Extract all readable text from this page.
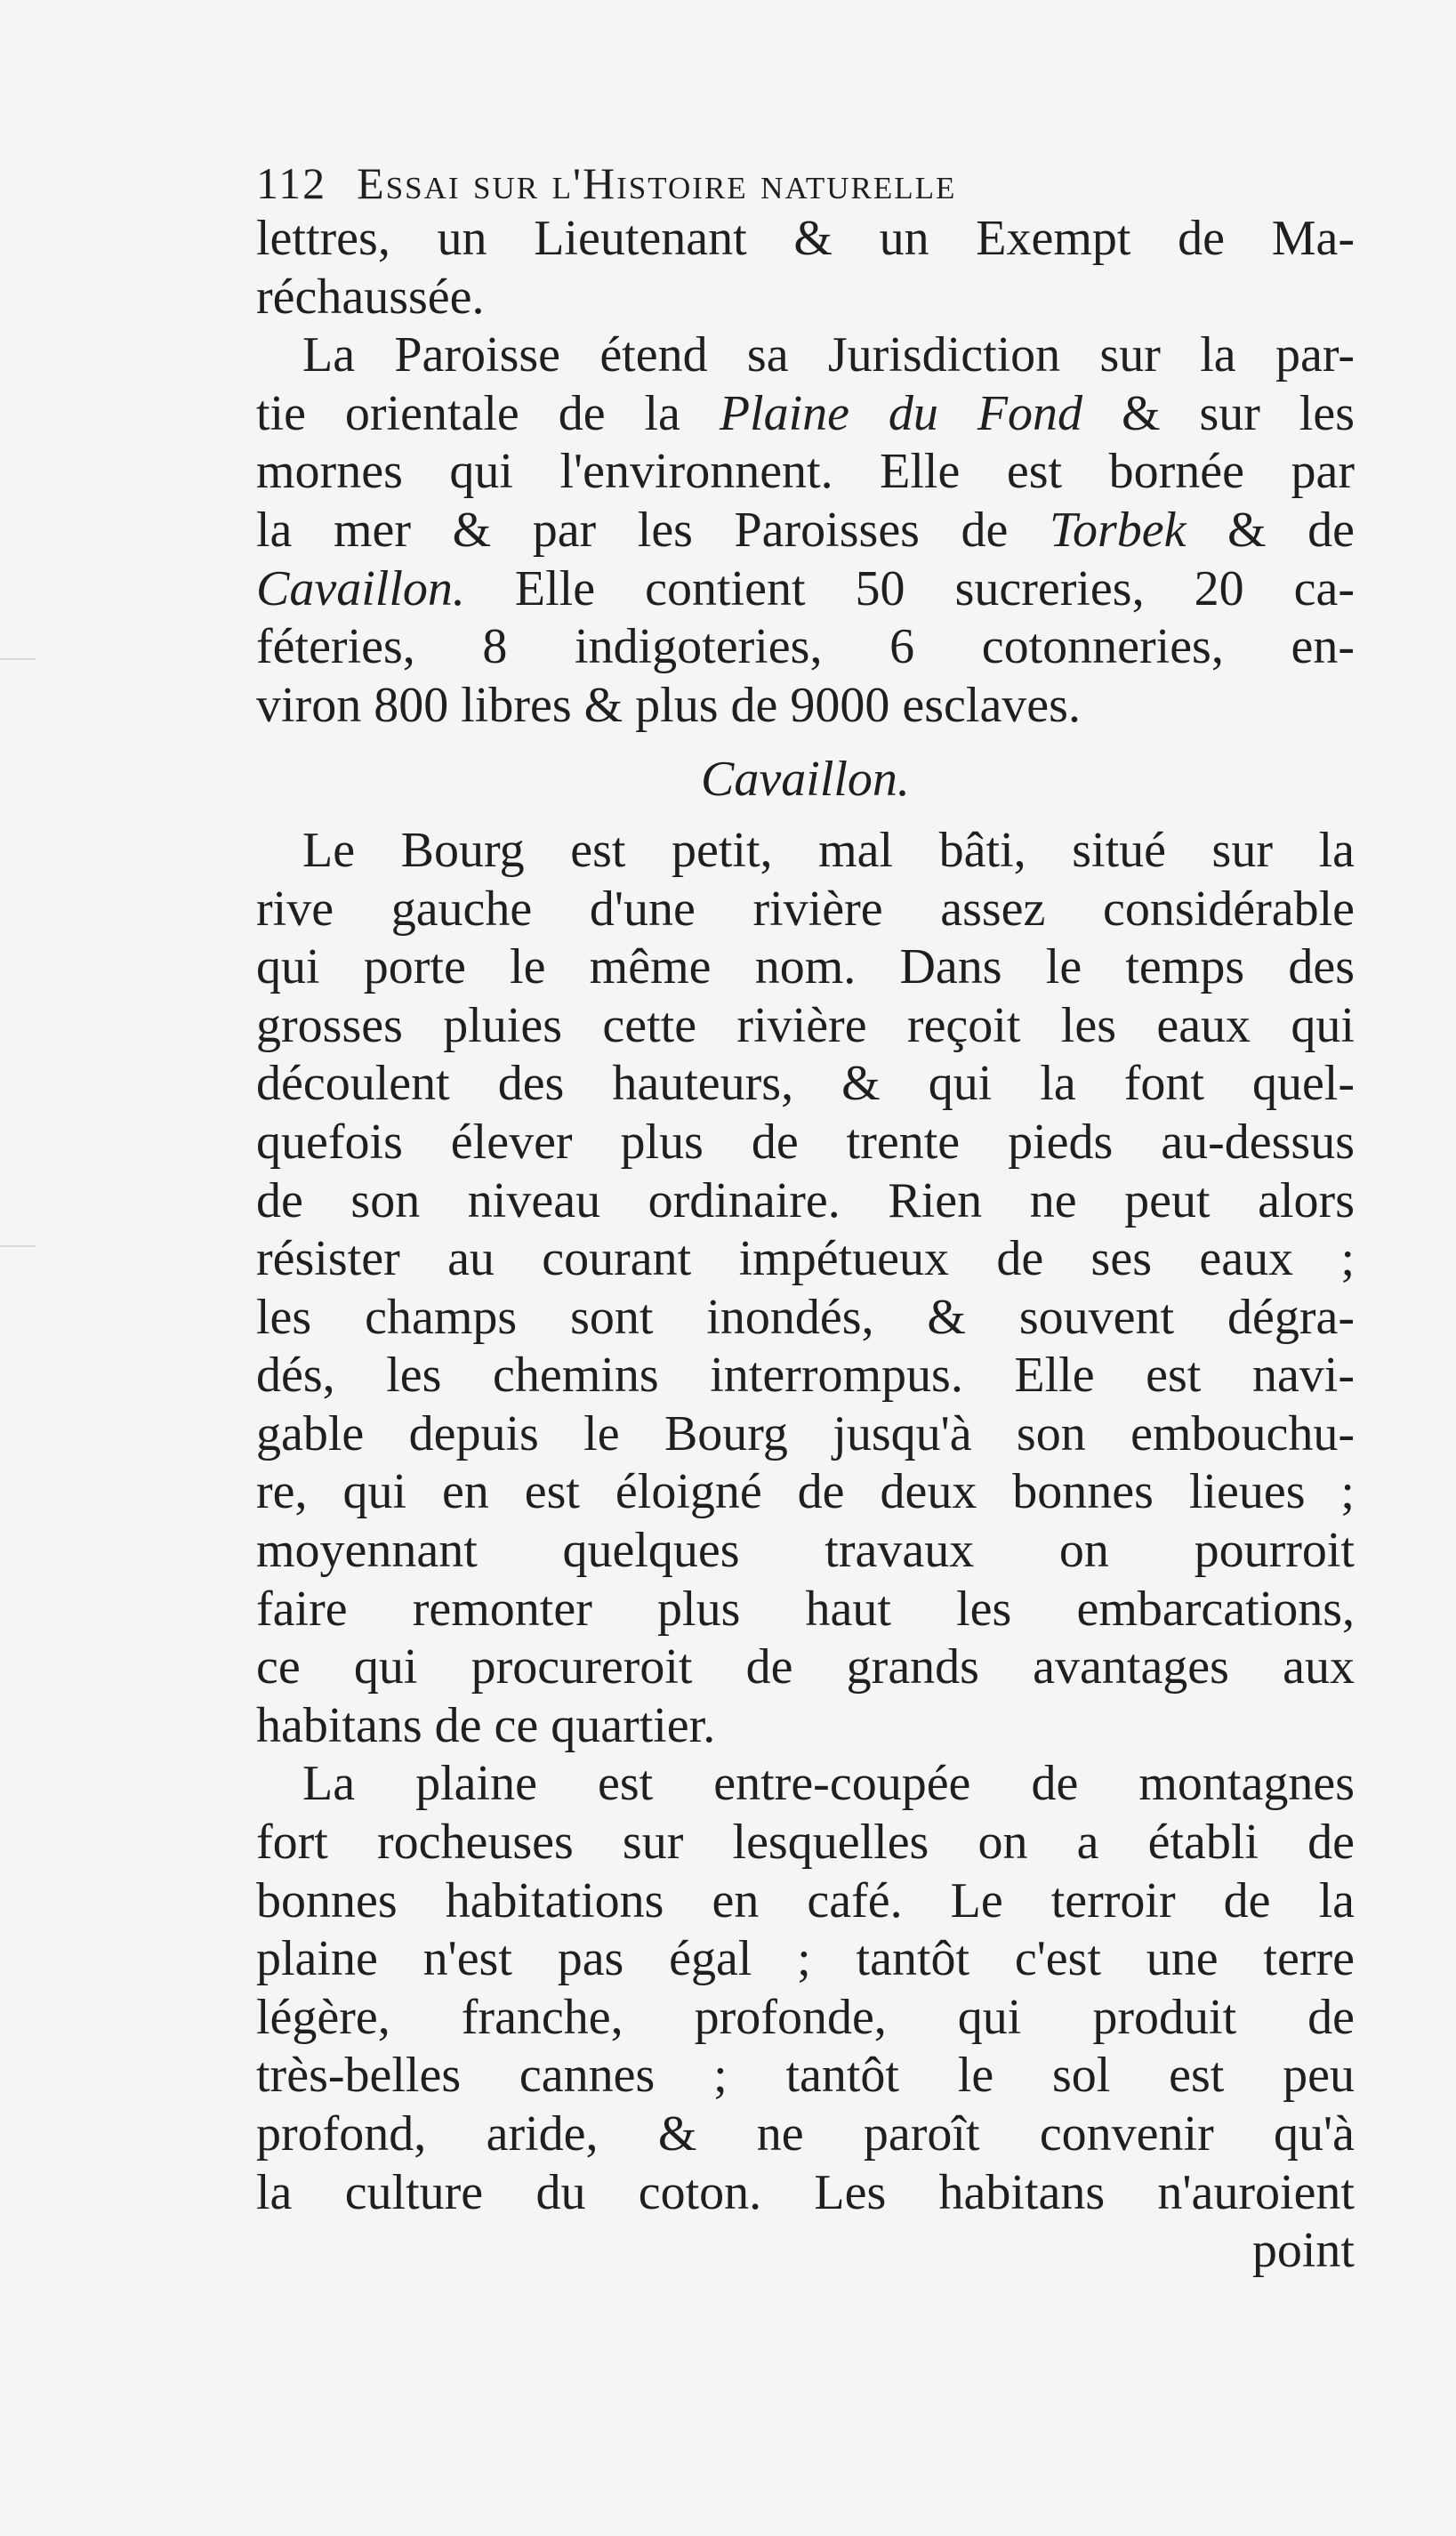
112 Essai sur l'Histoire naturelle
lettres, un Lieutenant & un Exempt de Ma-
réchaussée.
La Paroisse étend sa Jurisdiction sur la par-
tie orientale de la Plaine du Fond & sur les
mornes qui l'environnent. Elle est bornée par
la mer & par les Paroisses de Torbek & de
Cavaillon. Elle contient 50 sucreries, 20 ca-
féteries, 8 indigoteries, 6 cotonneries, en-
viron 800 libres & plus de 9000 esclaves.
Cavaillon.
Le Bourg est petit, mal bâti, situé sur la
rive gauche d'une rivière assez considérable
qui porte le même nom. Dans le temps des
grosses pluies cette rivière reçoit les eaux qui
découlent des hauteurs, & qui la font quel-
quefois élever plus de trente pieds au-dessus
de son niveau ordinaire. Rien ne peut alors
résister au courant impétueux de ses eaux ;
les champs sont inondés, & souvent dégra-
dés, les chemins interrompus. Elle est navi-
gable depuis le Bourg jusqu'à son embouchu-
re, qui en est éloigné de deux bonnes lieues ;
moyennant quelques travaux on pourroit
faire remonter plus haut les embarcations,
ce qui procureroit de grands avantages aux
habitans de ce quartier.
La plaine est entre-coupée de montagnes
fort rocheuses sur lesquelles on a établi de
bonnes habitations en café. Le terroir de la
plaine n'est pas égal ; tantôt c'est une terre
légère, franche, profonde, qui produit de
très-belles cannes ; tantôt le sol est peu
profond, aride, & ne paroît convenir qu'à
la culture du coton. Les habitans n'auroient
point
